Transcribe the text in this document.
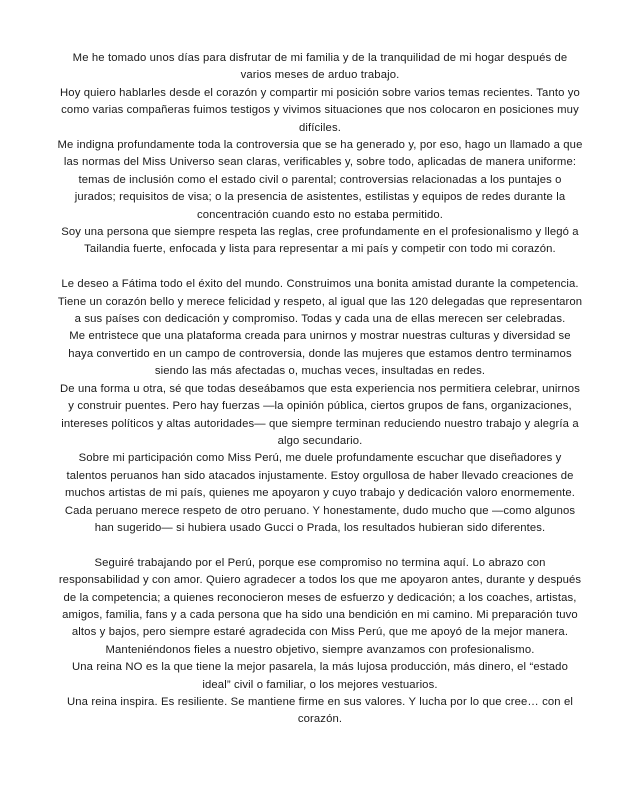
Me he tomado unos días para disfrutar de mi familia y de la tranquilidad de mi hogar después de varios meses de arduo trabajo.
Hoy quiero hablarles desde el corazón y compartir mi posición sobre varios temas recientes. Tanto yo como varias compañeras fuimos testigos y vivimos situaciones que nos colocaron en posiciones muy difíciles.
Me indigna profundamente toda la controversia que se ha generado y, por eso, hago un llamado a que las normas del Miss Universo sean claras, verificables y, sobre todo, aplicadas de manera uniforme: temas de inclusión como el estado civil o parental; controversias relacionadas a los puntajes o jurados; requisitos de visa; o la presencia de asistentes, estilistas y equipos de redes durante la concentración cuando esto no estaba permitido.
Soy una persona que siempre respeta las reglas, cree profundamente en el profesionalismo y llegó a Tailandia fuerte, enfocada y lista para representar a mi país y competir con todo mi corazón.

Le deseo a Fátima todo el éxito del mundo. Construimos una bonita amistad durante la competencia. Tiene un corazón bello y merece felicidad y respeto, al igual que las 120 delegadas que representaron a sus países con dedicación y compromiso. Todas y cada una de ellas merecen ser celebradas.
Me entristece que una plataforma creada para unirnos y mostrar nuestras culturas y diversidad se haya convertido en un campo de controversia, donde las mujeres que estamos dentro terminamos siendo las más afectadas o, muchas veces, insultadas en redes.
De una forma u otra, sé que todas deseábamos que esta experiencia nos permitiera celebrar, unirnos y construir puentes. Pero hay fuerzas —la opinión pública, ciertos grupos de fans, organizaciones, intereses políticos y altas autoridades— que siempre terminan reduciendo nuestro trabajo y alegría a algo secundario.
Sobre mi participación como Miss Perú, me duele profundamente escuchar que diseñadores y talentos peruanos han sido atacados injustamente. Estoy orgullosa de haber llevado creaciones de muchos artistas de mi país, quienes me apoyaron y cuyo trabajo y dedicación valoro enormemente. Cada peruano merece respeto de otro peruano. Y honestamente, dudo mucho que —como algunos han sugerido— si hubiera usado Gucci o Prada, los resultados hubieran sido diferentes.

Seguiré trabajando por el Perú, porque ese compromiso no termina aquí. Lo abrazo con responsabilidad y con amor. Quiero agradecer a todos los que me apoyaron antes, durante y después de la competencia; a quienes reconocieron meses de esfuerzo y dedicación; a los coaches, artistas, amigos, familia, fans y a cada persona que ha sido una bendición en mi camino. Mi preparación tuvo altos y bajos, pero siempre estaré agradecida con Miss Perú, que me apoyó de la mejor manera. Manteniéndonos fieles a nuestro objetivo, siempre avanzamos con profesionalismo.
Una reina NO es la que tiene la mejor pasarela, la más lujosa producción, más dinero, el “estado ideal” civil o familiar, o los mejores vestuarios.
Una reina inspira. Es resiliente. Se mantiene firme en sus valores. Y lucha por lo que cree… con el corazón.
